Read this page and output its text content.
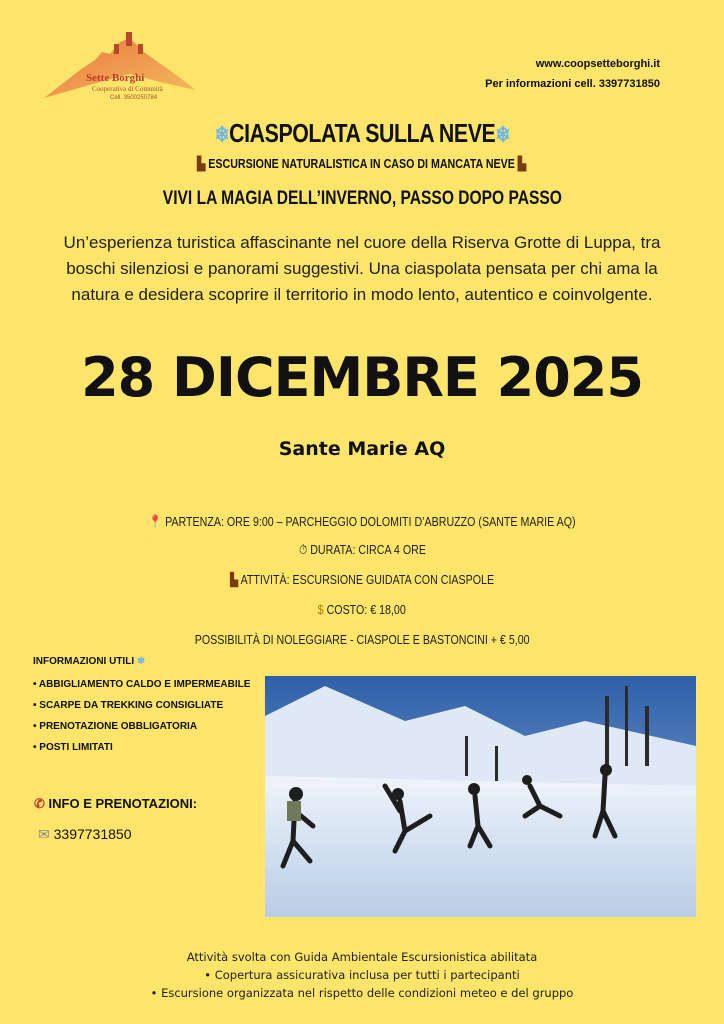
Sette Borghi
Cooperativa di Comunità
Cell. 3500250784
www.coopsetteborghi.it
Per informazioni cell. 3397731850
❄CIASPOLATA SULLA NEVE❄
▙ ESCURSIONE NATURALISTICA IN CASO DI MANCATA NEVE ▙
VIVI LA MAGIA DELL’INVERNO, PASSO DOPO PASSO
Un’esperienza turistica affascinante nel cuore della Riserva Grotte di Luppa, tra boschi silenziosi e panorami suggestivi. Una ciaspolata pensata per chi ama la natura e desidera scoprire il territorio in modo lento, autentico e coinvolgente.
28 DICEMBRE 2025
Sante Marie AQ
📍 PARTENZA: ORE 9:00 – PARCHEGGIO DOLOMITI D’ABRUZZO (SANTE MARIE AQ)
⏱ DURATA: CIRCA 4 ORE
▙ ATTIVITÀ: ESCURSIONE GUIDATA CON CIASPOLE
$ COSTO: € 18,00
POSSIBILITÀ DI NOLEGGIARE - CIASPOLE E BASTONCINI + € 5,00
INFORMAZIONI UTILI ❄
• ABBIGLIAMENTO CALDO E IMPERMEABILE
• SCARPE DA TREKKING CONSIGLIATE
• PRENOTAZIONE OBBLIGATORIA
• POSTI LIMITATI
✆ INFO E PRENOTAZIONI:
✉ 3397731850
Attività svolta con Guida Ambientale Escursionistica abilitata
• Copertura assicurativa inclusa per tutti i partecipanti
• Escursione organizzata nel rispetto delle condizioni meteo e del gruppo
